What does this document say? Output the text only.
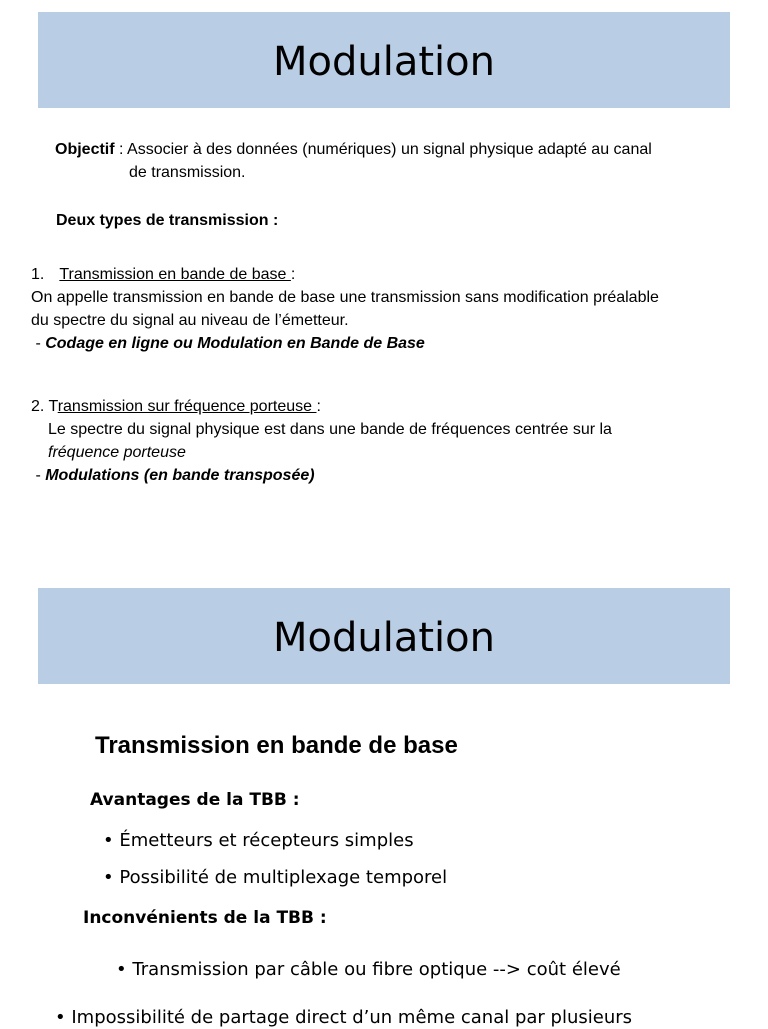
Modulation
Objectif : Associer à des données (numériques) un signal physique adapté au canal
de transmission.
Deux types de transmission :
1. Transmission en bande de base :
On appelle transmission en bande de base une transmission sans modification préalable
du spectre du signal au niveau de l’émetteur.
- Codage en ligne ou Modulation en Bande de Base
2. Transmission sur fréquence porteuse :
Le spectre du signal physique est dans une bande de fréquences centrée sur la
fréquence porteuse
- Modulations (en bande transposée)
Modulation
Transmission en bande de base
Avantages de la TBB :
• Émetteurs et récepteurs simples
• Possibilité de multiplexage temporel
Inconvénients de la TBB :
• Transmission par câble ou fibre optique --> coût élevé
• Impossibilité de partage direct d’un même canal par plusieurs
